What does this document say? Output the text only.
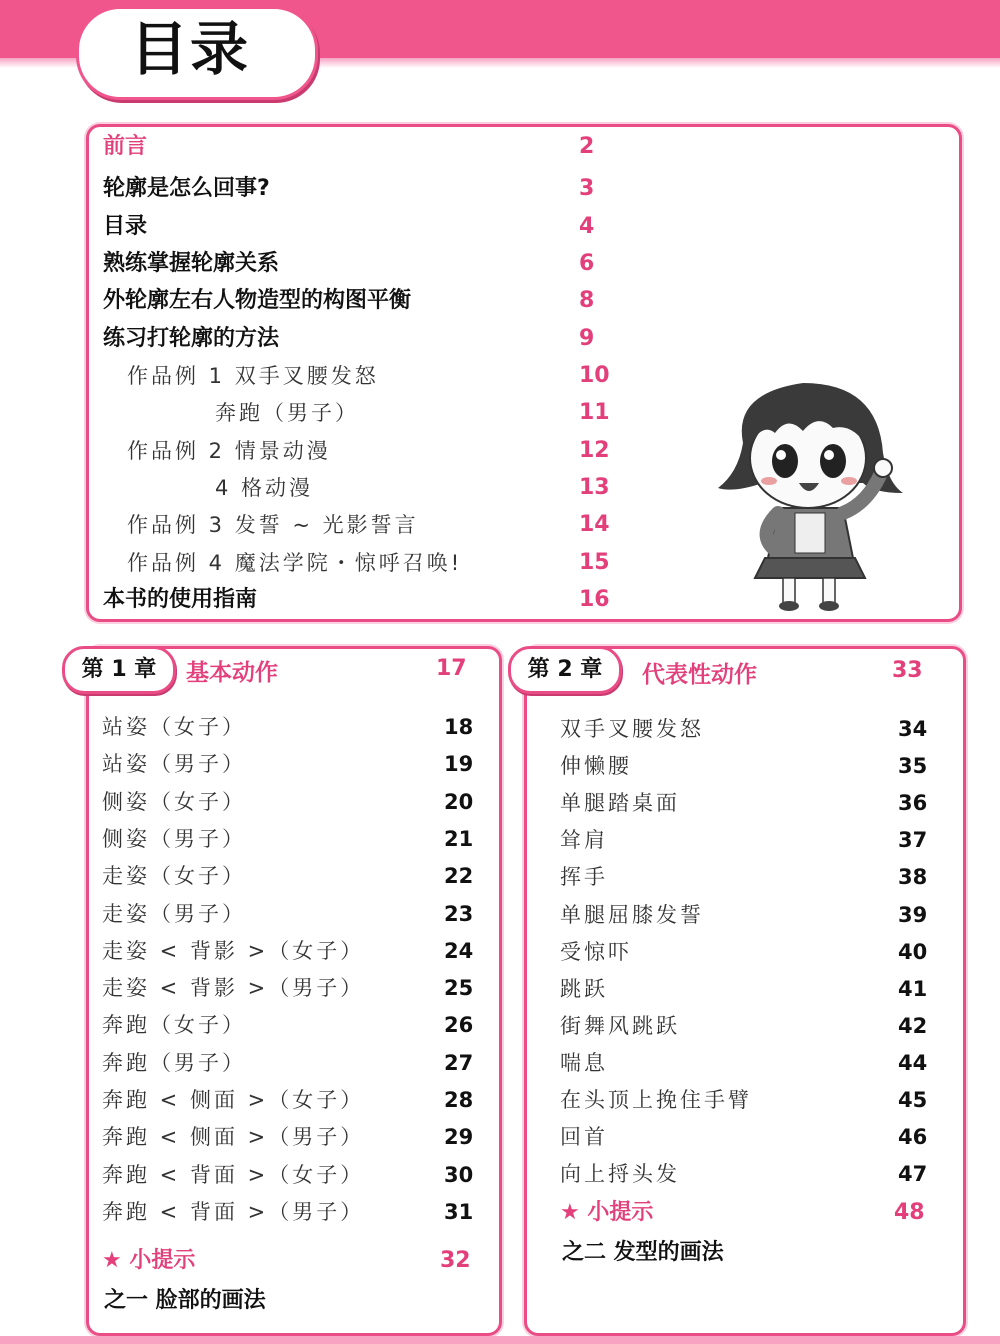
目录
前言	2
轮廓是怎么回事?	3
目录	4
熟练掌握轮廓关系	6
外轮廓左右人物造型的构图平衡	8
练习打轮廓的方法	9
作品例 1 双手叉腰发怒	10
奔跑（男子）	11
作品例 2 情景动漫	12
4 格动漫	13
作品例 3 发誓 ~ 光影誓言	14
作品例 4 魔法学院・惊呼召唤!	15
本书的使用指南	16
第 1 章	基本动作	17
★ 小提示	32
之一 脸部的画法
第 2 章	代表性动作	33
★ 小提示	48
之二 发型的画法
站姿（女子）	18
站姿（男子）	19
侧姿（女子）	20
侧姿（男子）	21
走姿（女子）	22
走姿（男子）	23
走姿 < 背影 >（女子）	24
走姿 < 背影 >（男子）	25
奔跑（女子）	26
奔跑（男子）	27
奔跑 < 侧面 >（女子）	28
奔跑 < 侧面 >（男子）	29
奔跑 < 背面 >（女子）	30
奔跑 < 背面 >（男子）	31
双手叉腰发怒	34
伸懒腰	35
单腿踏桌面	36
耸肩	37
挥手	38
单腿屈膝发誓	39
受惊吓	40
跳跃	41
街舞风跳跃	42
喘息	44
在头顶上挽住手臂	45
回首	46
向上捋头发	47
